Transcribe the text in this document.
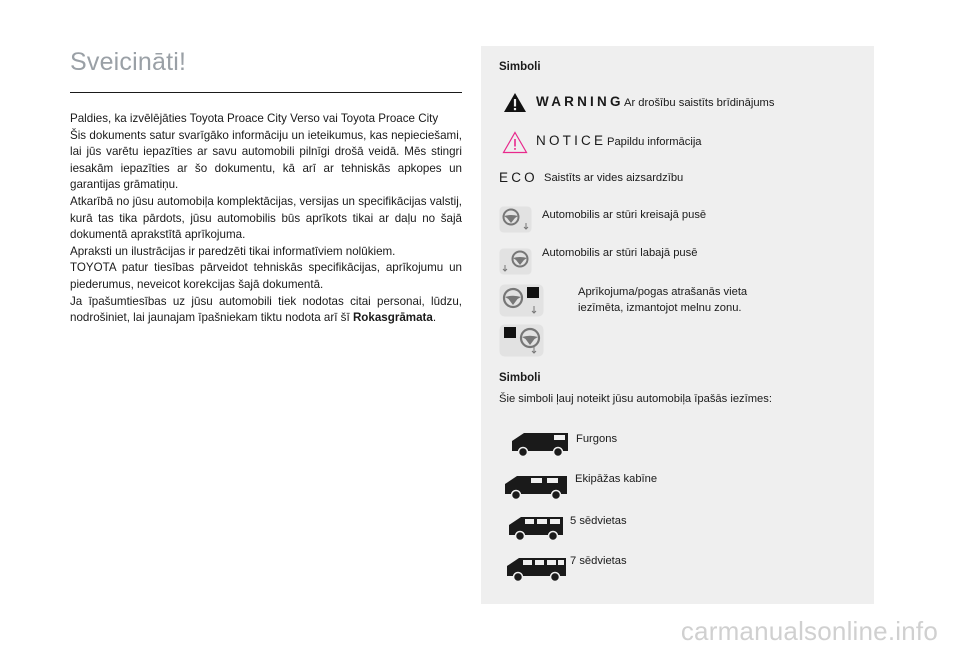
Sveicināti!

Paldies, ka izvēlējāties Toyota Proace City Verso vai Toyota Proace City

Šis dokuments satur svarīgāko informāciju un ieteikumus, kas nepieciešami, lai jūs varētu iepazīties ar savu automobili pilnīgi drošā veidā. Mēs stingri iesakām iepazīties ar šo dokumentu, kā arī ar tehniskās apkopes un garantijas grāmatiņu.

Atkarībā no jūsu automobiļa komplektācijas, versijas un specifikācijas valstij, kurā tas tika pārdots, jūsu automobilis būs aprīkots tikai ar daļu no šajā dokumentā aprakstītā aprīkojuma.

Apraksti un ilustrācijas ir paredzēti tikai informatīviem nolūkiem.

TOYOTA patur tiesības pārveidot tehniskās specifikācijas, aprīkojumu un piederumus, neveicot korekcijas šajā dokumentā.

Ja īpašumtiesības uz jūsu automobili tiek nodotas citai personai, lūdzu, nodrošiniet, lai jaunajam īpašniekam tiktu nodota arī šī Rokasgrāmata.

Simboli
WARNING Ar drošību saistīts brīdinājums
NOTICE Papildu informācija
ECO Saistīts ar vides aizsardzību
Automobilis ar stūri kreisajā pusē
Automobilis ar stūri labajā pusē
Aprīkojuma/pogas atrašanās vieta
iezīmēta, izmantojot melnu zonu.
Simboli
Šie simboli ļauj noteikt jūsu automobiļa īpašās iezīmes:
Furgons
Ekipāžas kabīne
5 sēdvietas
7 sēdvietas
carmanualsonline.info
